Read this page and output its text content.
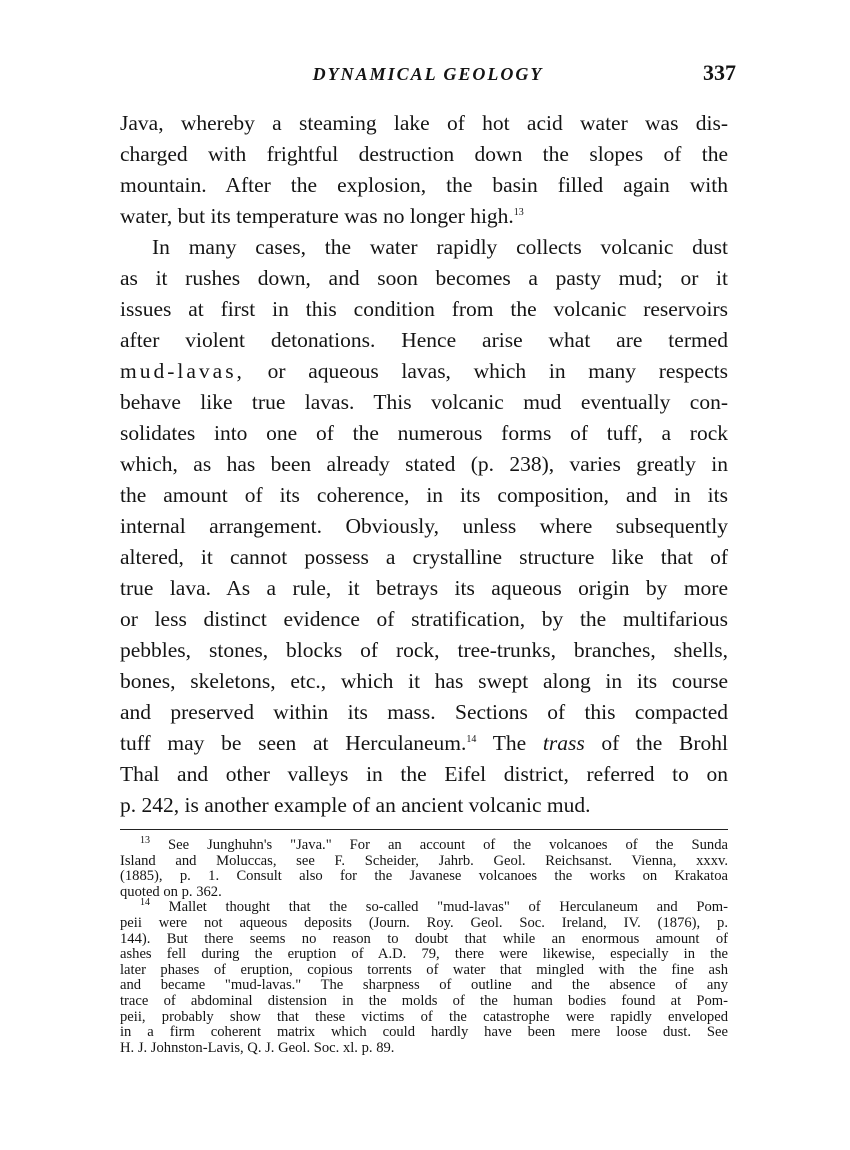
DYNAMICAL GEOLOGY	337
Java, whereby a steaming lake of hot acid water was dis-
charged with frightful destruction down the slopes of the
mountain. After the explosion, the basin filled again with
water, but its temperature was no longer high.$^{13}$
In many cases, the water rapidly collects volcanic dust
as it rushes down, and soon becomes a pasty mud; or it
issues at first in this condition from the volcanic reservoirs
after violent detonations. Hence arise what are termed
mud-lavas, or aqueous lavas, which in many respects
behave like true lavas. This volcanic mud eventually con-
solidates into one of the numerous forms of tuff, a rock
which, as has been already stated (p. 238), varies greatly in
the amount of its coherence, in its composition, and in its
internal arrangement. Obviously, unless where subsequently
altered, it cannot possess a crystalline structure like that of
true lava. As a rule, it betrays its aqueous origin by more
or less distinct evidence of stratification, by the multifarious
pebbles, stones, blocks of rock, tree-trunks, branches, shells,
bones, skeletons, etc., which it has swept along in its course
and preserved within its mass. Sections of this compacted
tuff may be seen at Herculaneum.$^{14}$ The trass of the Brohl
Thal and other valleys in the Eifel district, referred to on
p. 242, is another example of an ancient volcanic mud.
$^{13}$ See Junghuhn's "Java." For an account of the volcanoes of the Sunda
Island and Moluccas, see F. Scheider, Jahrb. Geol. Reichsanst. Vienna, xxxv.
(1885), p. 1. Consult also for the Javanese volcanoes the works on Krakatoa
quoted on p. 362.
$^{14}$ Mallet thought that the so-called "mud-lavas" of Herculaneum and Pom-
peii were not aqueous deposits (Journ. Roy. Geol. Soc. Ireland, IV. (1876), p.
144). But there seems no reason to doubt that while an enormous amount of
ashes fell during the eruption of A.D. 79, there were likewise, especially in the
later phases of eruption, copious torrents of water that mingled with the fine ash
and became "mud-lavas." The sharpness of outline and the absence of any
trace of abdominal distension in the molds of the human bodies found at Pom-
peii, probably show that these victims of the catastrophe were rapidly enveloped
in a firm coherent matrix which could hardly have been mere loose dust. See
H. J. Johnston-Lavis, Q. J. Geol. Soc. xl. p. 89.
